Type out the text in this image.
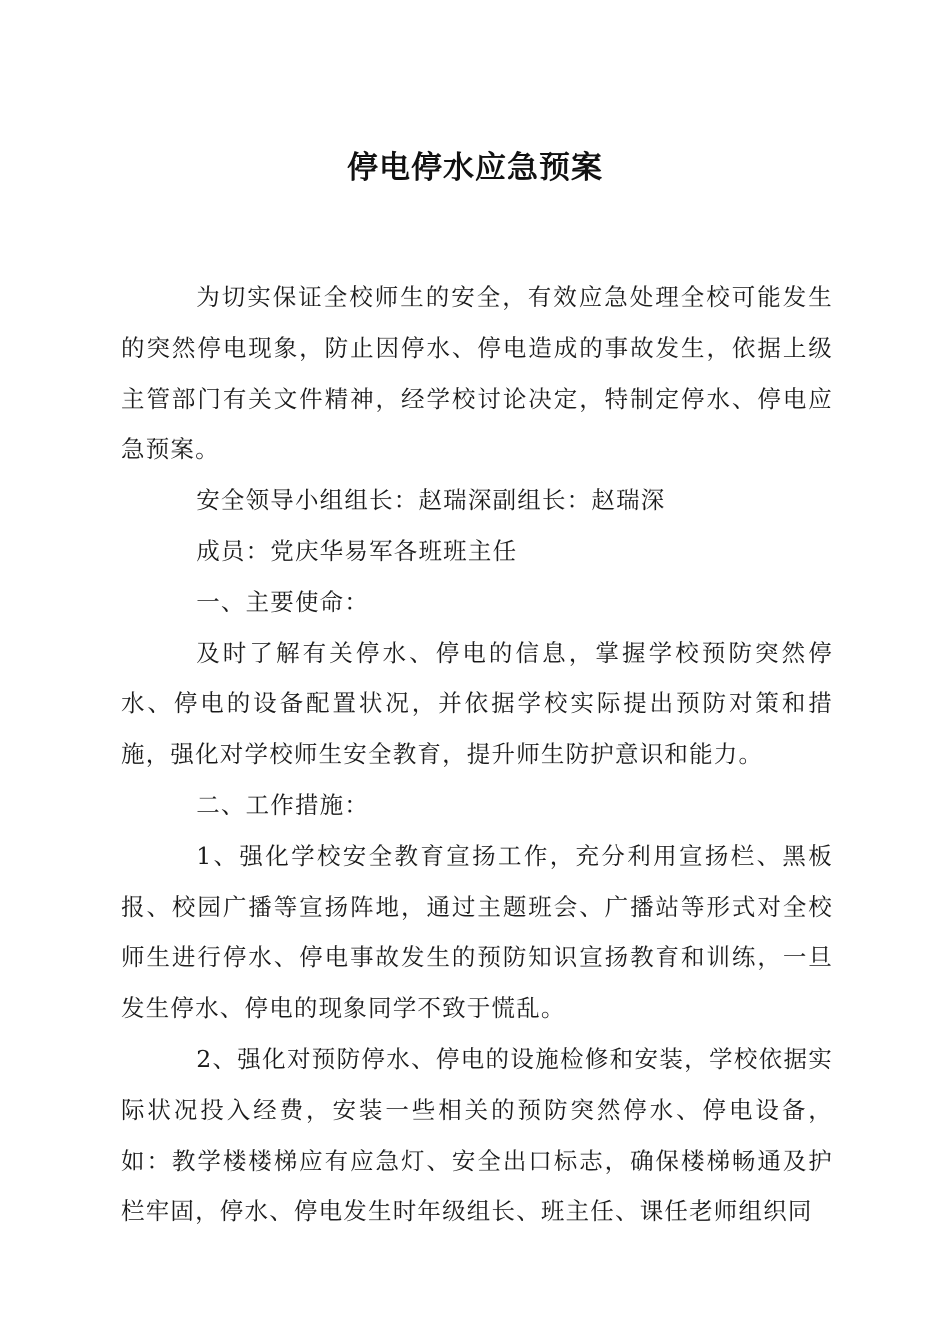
停电停水应急预案

为切实保证全校师生的安全，有效应急处理全校可能发生的突然停电现象，防止因停水、停电造成的事故发生，依据上级主管部门有关文件精神，经学校讨论决定，特制定停水、停电应急预案。

安全领导小组组长：赵瑞深副组长：赵瑞深

成员：党庆华易军各班班主任

一、主要使命：

及时了解有关停水、停电的信息，掌握学校预防突然停水、停电的设备配置状况，并依据学校实际提出预防对策和措施，强化对学校师生安全教育，提升师生防护意识和能力。

二、工作措施：

1、强化学校安全教育宣扬工作，充分利用宣扬栏、黑板报、校园广播等宣扬阵地，通过主题班会、广播站等形式对全校师生进行停水、停电事故发生的预防知识宣扬教育和训练，一旦发生停水、停电的现象同学不致于慌乱。

2、强化对预防停水、停电的设施检修和安装，学校依据实际状况投入经费，安装一些相关的预防突然停水、停电设备，如：教学楼楼梯应有应急灯、安全出口标志，确保楼梯畅通及护栏牢固，停水、停电发生时年级组长、班主任、课任老师组织同
